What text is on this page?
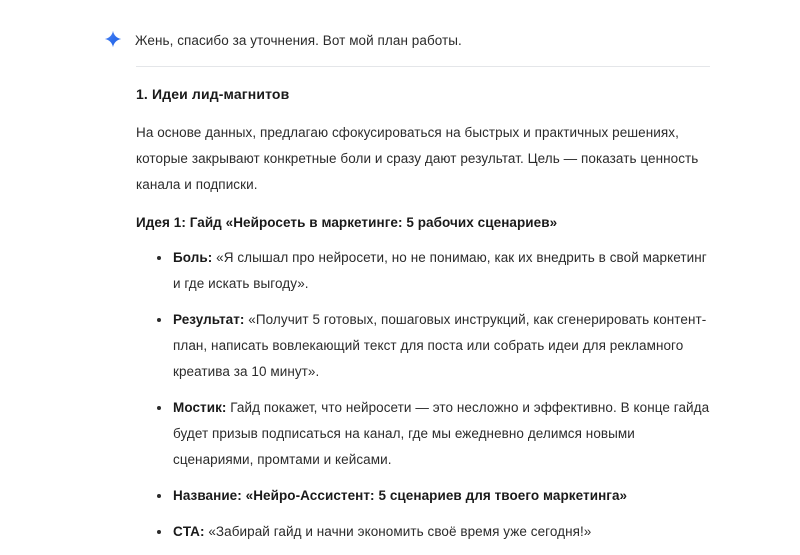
Жень, спасибо за уточнения. Вот мой план работы.
1. Идеи лид-магнитов

На основе данных, предлагаю сфокусироваться на быстрых и практичных решениях, которые закрывают конкретные боли и сразу дают результат. Цель — показать ценность канала и подписки.

Идея 1: Гайд «Нейросеть в маркетинге: 5 рабочих сценариев»
Боль: «Я слышал про нейросети, но не понимаю, как их внедрить в свой маркетинг и где искать выгоду».
Результат: «Получит 5 готовых, пошаговых инструкций, как сгенерировать контент-план, написать вовлекающий текст для поста или собрать идеи для рекламного креатива за 10 минут».
Мостик: Гайд покажет, что нейросети — это несложно и эффективно. В конце гайда будет призыв подписаться на канал, где мы ежедневно делимся новыми сценариями, промтами и кейсами.
Название: «Нейро-Ассистент: 5 сценариев для твоего маркетинга»
CTA: «Забирай гайд и начни экономить своё время уже сегодня!»
